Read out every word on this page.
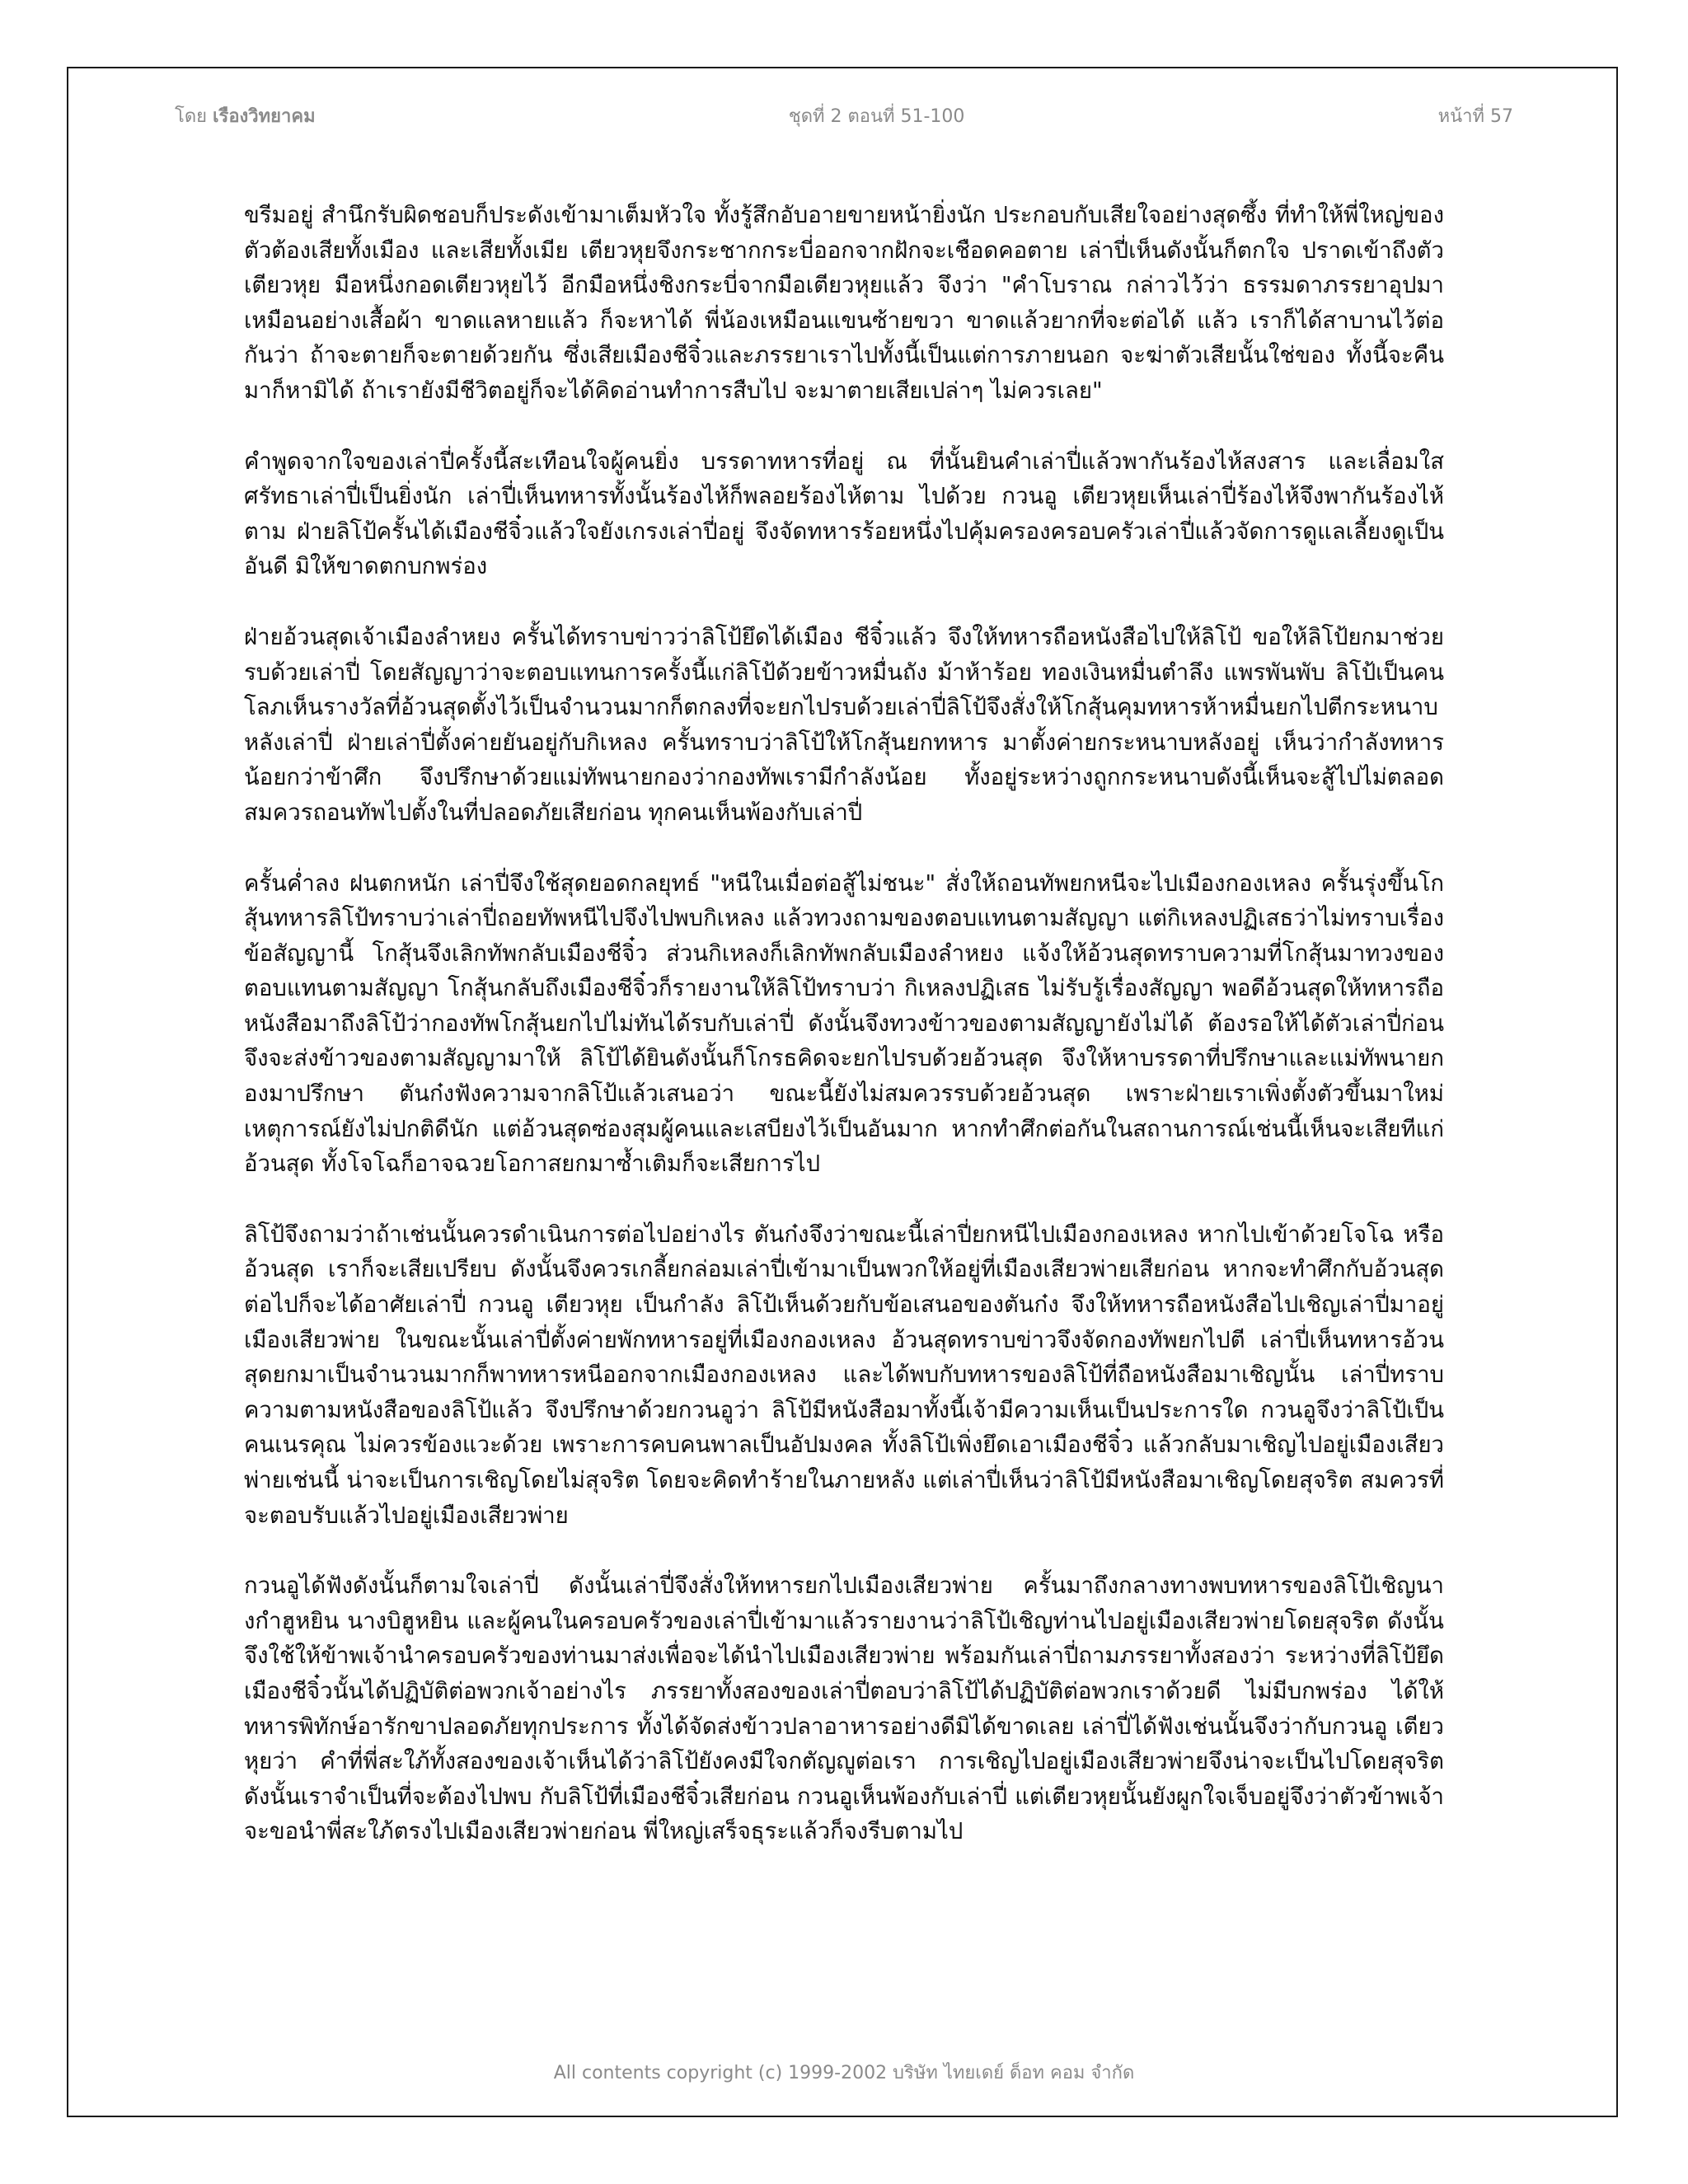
โดย เรืองวิทยาคม	ชุดที่ 2 ตอนที่ 51-100	หน้าที่ 57

ขรีมอยู่ สำนึกรับผิดชอบก็ประดังเข้ามาเต็มหัวใจ ทั้งรู้สึกอับอายขายหน้ายิ่งนัก ประกอบกับเสียใจอย่างสุดซึ้ง ที่ทำให้พี่ใหญ่ของตัวต้องเสียทั้งเมือง และเสียทั้งเมีย เตียวหุยจึงกระชากกระบี่ออกจากฝักจะเชือดคอตาย เล่าปี่เห็นดังนั้นก็ตกใจ ปราดเข้าถึงตัวเตียวหุย มือหนึ่งกอดเตียวหุยไว้ อีกมือหนึ่งชิงกระบี่จากมือเตียวหุยแล้ว จึงว่า "คำโบราณ กล่าวไว้ว่า ธรรมดาภรรยาอุปมาเหมือนอย่างเสื้อผ้า ขาดแลหายแล้ว ก็จะหาได้ พี่น้องเหมือนแขนซ้ายขวา ขาดแล้วยากที่จะต่อได้ แล้ว เราก็ได้สาบานไว้ต่อกันว่า ถ้าจะตายก็จะตายด้วยกัน ซึ่งเสียเมืองชีจิ๋วและภรรยาเราไปทั้งนี้เป็นแต่การภายนอก จะฆ่าตัวเสียนั้นใช่ของ ทั้งนี้จะคืนมาก็หามิได้ ถ้าเรายังมีชีวิตอยู่ก็จะได้คิดอ่านทำการสืบไป จะมาตายเสียเปล่าๆ ไม่ควรเลย"

คำพูดจากใจของเล่าปี่ครั้งนี้สะเทือนใจผู้คนยิ่ง บรรดาทหารที่อยู่ ณ ที่นั้นยินคำเล่าปี่แล้วพากันร้องไห้สงสาร และเลื่อมใสศรัทธาเล่าปี่เป็นยิ่งนัก เล่าปี่เห็นทหารทั้งนั้นร้องไห้ก็พลอยร้องไห้ตาม ไปด้วย กวนอู เตียวหุยเห็นเล่าปี่ร้องไห้จึงพากันร้องไห้ตาม ฝ่ายลิโป้ครั้นได้เมืองชีจิ๋วแล้วใจยังเกรงเล่าปี่อยู่ จึงจัดทหารร้อยหนึ่งไปคุ้มครองครอบครัวเล่าปี่แล้วจัดการดูแลเลี้ยงดูเป็นอันดี มิให้ขาดตกบกพร่อง

ฝ่ายอ้วนสุดเจ้าเมืองลำหยง ครั้นได้ทราบข่าวว่าลิโป้ยึดได้เมือง ชีจิ๋วแล้ว จึงให้ทหารถือหนังสือไปให้ลิโป้ ขอให้ลิโป้ยกมาช่วยรบด้วยเล่าปี่ โดยสัญญาว่าจะตอบแทนการครั้งนี้แก่ลิโป้ด้วยข้าวหมื่นถัง ม้าห้าร้อย ทองเงินหมื่นตำลึง แพรพันพับ ลิโป้เป็นคนโลภเห็นรางวัลที่อ้วนสุดตั้งไว้เป็นจำนวนมากก็ตกลงที่จะยกไปรบด้วยเล่าปี่ลิโป้จึงสั่งให้โกสุ้นคุมทหารห้าหมื่นยกไปตีกระหนาบหลังเล่าปี่ ฝ่ายเล่าปี่ตั้งค่ายยันอยู่กับกิเหลง ครั้นทราบว่าลิโป้ให้โกสุ้นยกทหาร มาตั้งค่ายกระหนาบหลังอยู่ เห็นว่ากำลังทหารน้อยกว่าข้าศึก จึงปรึกษาด้วยแม่ทัพนายกองว่ากองทัพเรามีกำลังน้อย ทั้งอยู่ระหว่างถูกกระหนาบดังนี้เห็นจะสู้ไปไม่ตลอด สมควรถอนทัพไปตั้งในที่ปลอดภัยเสียก่อน ทุกคนเห็นพ้องกับเล่าปี่

ครั้นค่ำลง ฝนตกหนัก เล่าปี่จึงใช้สุดยอดกลยุทธ์ "หนีในเมื่อต่อสู้ไม่ชนะ" สั่งให้ถอนทัพยกหนีจะไปเมืองกองเหลง ครั้นรุ่งขึ้นโกสุ้นทหารลิโป้ทราบว่าเล่าปี่ถอยทัพหนีไปจึงไปพบกิเหลง แล้วทวงถามของตอบแทนตามสัญญา แต่กิเหลงปฏิเสธว่าไม่ทราบเรื่องข้อสัญญานี้ โกสุ้นจึงเลิกทัพกลับเมืองชีจิ๋ว ส่วนกิเหลงก็เลิกทัพกลับเมืองลำหยง แจ้งให้อ้วนสุดทราบความที่โกสุ้นมาทวงของตอบแทนตามสัญญา โกสุ้นกลับถึงเมืองชีจิ๋วก็รายงานให้ลิโป้ทราบว่า กิเหลงปฏิเสธ ไม่รับรู้เรื่องสัญญา พอดีอ้วนสุดให้ทหารถือหนังสือมาถึงลิโป้ว่ากองทัพโกสุ้นยกไปไม่ทันได้รบกับเล่าปี่ ดังนั้นจึงทวงข้าวของตามสัญญายังไม่ได้ ต้องรอให้ได้ตัวเล่าปี่ก่อนจึงจะส่งข้าวของตามสัญญามาให้ ลิโป้ได้ยินดังนั้นก็โกรธคิดจะยกไปรบด้วยอ้วนสุด จึงให้หาบรรดาที่ปรึกษาและแม่ทัพนายกองมาปรึกษา ตันก๋งฟังความจากลิโป้แล้วเสนอว่า ขณะนี้ยังไม่สมควรรบด้วยอ้วนสุด เพราะฝ่ายเราเพิ่งตั้งตัวขึ้นมาใหม่ เหตุการณ์ยังไม่ปกติดีนัก แต่อ้วนสุดซ่องสุมผู้คนและเสบียงไว้เป็นอันมาก หากทำศึกต่อกันในสถานการณ์เช่นนี้เห็นจะเสียทีแก่อ้วนสุด ทั้งโจโฉก็อาจฉวยโอกาสยกมาซ้ำเติมก็จะเสียการไป

ลิโป้จึงถามว่าถ้าเช่นนั้นควรดำเนินการต่อไปอย่างไร ตันก๋งจึงว่าขณะนี้เล่าปี่ยกหนีไปเมืองกองเหลง หากไปเข้าด้วยโจโฉ หรืออ้วนสุด เราก็จะเสียเปรียบ ดังนั้นจึงควรเกลี้ยกล่อมเล่าปี่เข้ามาเป็นพวกให้อยู่ที่เมืองเสียวพ่ายเสียก่อน หากจะทำศึกกับอ้วนสุดต่อไปก็จะได้อาศัยเล่าปี่ กวนอู เตียวหุย เป็นกำลัง ลิโป้เห็นด้วยกับข้อเสนอของตันก๋ง จึงให้ทหารถือหนังสือไปเชิญเล่าปี่มาอยู่เมืองเสียวพ่าย ในขณะนั้นเล่าปี่ตั้งค่ายพักทหารอยู่ที่เมืองกองเหลง อ้วนสุดทราบข่าวจึงจัดกองทัพยกไปตี เล่าปี่เห็นทหารอ้วนสุดยกมาเป็นจำนวนมากก็พาทหารหนีออกจากเมืองกองเหลง และได้พบกับทหารของลิโป้ที่ถือหนังสือมาเชิญนั้น เล่าปี่ทราบความตามหนังสือของลิโป้แล้ว จึงปรึกษาด้วยกวนอูว่า ลิโป้มีหนังสือมาทั้งนี้เจ้ามีความเห็นเป็นประการใด กวนอูจึงว่าลิโป้เป็นคนเนรคุณ ไม่ควรข้องแวะด้วย เพราะการคบคนพาลเป็นอัปมงคล ทั้งลิโป้เพิ่งยึดเอาเมืองชีจิ๋ว แล้วกลับมาเชิญไปอยู่เมืองเสียวพ่ายเช่นนี้ น่าจะเป็นการเชิญโดยไม่สุจริต โดยจะคิดทำร้ายในภายหลัง แต่เล่าปี่เห็นว่าลิโป้มีหนังสือมาเชิญโดยสุจริต สมควรที่จะตอบรับแล้วไปอยู่เมืองเสียวพ่าย

กวนอูได้ฟังดังนั้นก็ตามใจเล่าปี่ ดังนั้นเล่าปี่จึงสั่งให้ทหารยกไปเมืองเสียวพ่าย ครั้นมาถึงกลางทางพบทหารของลิโป้เชิญนางกำฮูหยิน นางบิฮูหยิน และผู้คนในครอบครัวของเล่าปี่เข้ามาแล้วรายงานว่าลิโป้เชิญท่านไปอยู่เมืองเสียวพ่ายโดยสุจริต ดังนั้น จึงใช้ให้ข้าพเจ้านำครอบครัวของท่านมาส่งเพื่อจะได้นำไปเมืองเสียวพ่าย พร้อมกันเล่าปี่ถามภรรยาทั้งสองว่า ระหว่างที่ลิโป้ยึดเมืองชีจิ๋วนั้นได้ปฏิบัติต่อพวกเจ้าอย่างไร ภรรยาทั้งสองของเล่าปี่ตอบว่าลิโป้ได้ปฏิบัติต่อพวกเราด้วยดี ไม่มีบกพร่อง ได้ให้ทหารพิทักษ์อารักขาปลอดภัยทุกประการ ทั้งได้จัดส่งข้าวปลาอาหารอย่างดีมิได้ขาดเลย เล่าปี่ได้ฟังเช่นนั้นจึงว่ากับกวนอู เตียวหุยว่า คำที่พี่สะใภ้ทั้งสองของเจ้าเห็นได้ว่าลิโป้ยังคงมีใจกตัญญูต่อเรา การเชิญไปอยู่เมืองเสียวพ่ายจึงน่าจะเป็นไปโดยสุจริต ดังนั้นเราจำเป็นที่จะต้องไปพบ กับลิโป้ที่เมืองชีจิ๋วเสียก่อน กวนอูเห็นพ้องกับเล่าปี่ แต่เตียวหุยนั้นยังผูกใจเจ็บอยู่จึงว่าตัวข้าพเจ้าจะขอนำพี่สะใภ้ตรงไปเมืองเสียวพ่ายก่อน พี่ใหญ่เสร็จธุระแล้วก็จงรีบตามไป

All contents copyright (c) 1999-2002 บริษัท ไทยเดย์ ด็อท คอม จำกัด
